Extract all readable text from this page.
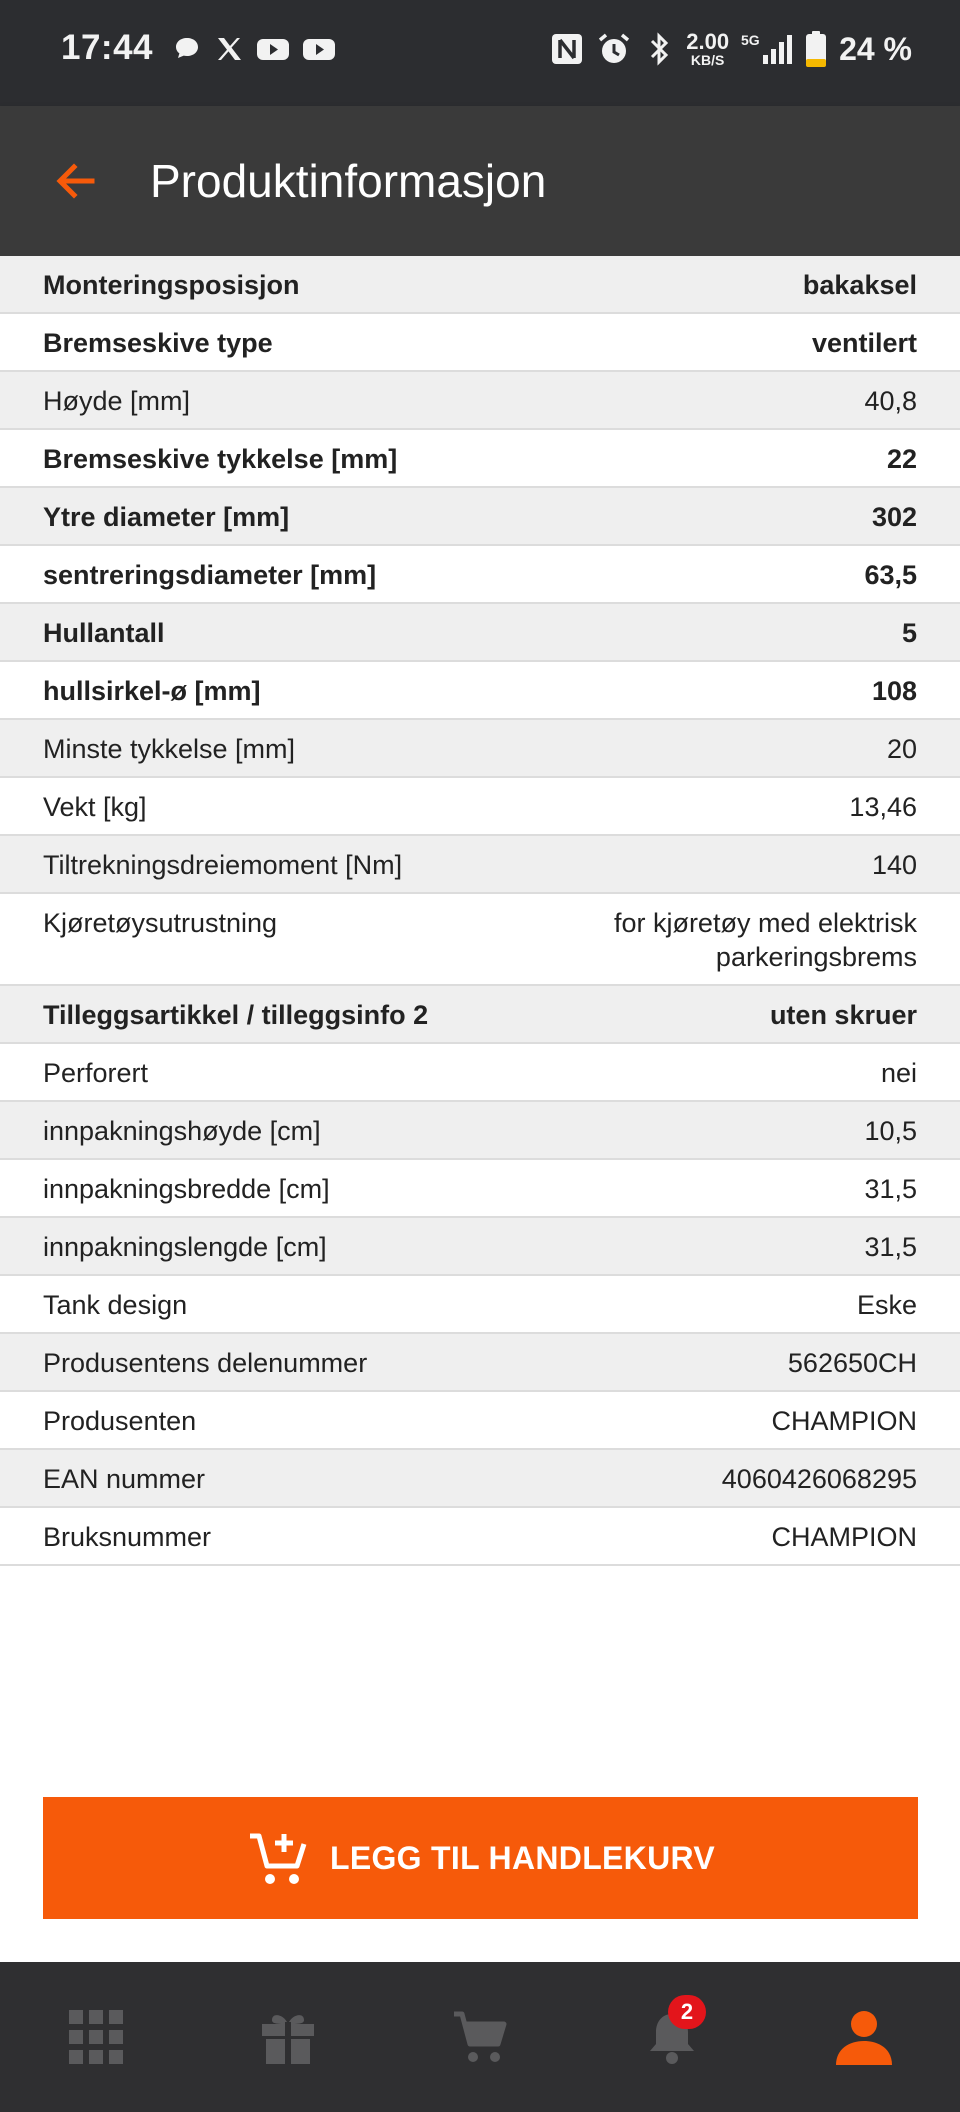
17:44	2.00
KB/S
5G 24 %
Produktinformasjon
Monteringsposisjon	bakaksel
Bremseskive type	ventilert
Høyde [mm]	40,8
Bremseskive tykkelse [mm]	22
Ytre diameter [mm]	302
sentreringsdiameter [mm]	63,5
Hullantall	5
hullsirkel-ø [mm]	108
Minste tykkelse [mm]	20
Vekt [kg]	13,46
Tiltrekningsdreiemoment [Nm]	140
Kjøretøysutrustning	for kjøretøy med elektrisk parkeringsbrems
Tilleggsartikkel / tilleggsinfo 2	uten skruer
Perforert	nei
innpakningshøyde [cm]	10,5
innpakningsbredde [cm]	31,5
innpakningslengde [cm]	31,5
Tank design	Eske
Produsentens delenummer	562650CH
Produsenten	CHAMPION
EAN nummer	4060426068295
Bruksnummer	CHAMPION
LEGG TIL HANDLEKURV
2
